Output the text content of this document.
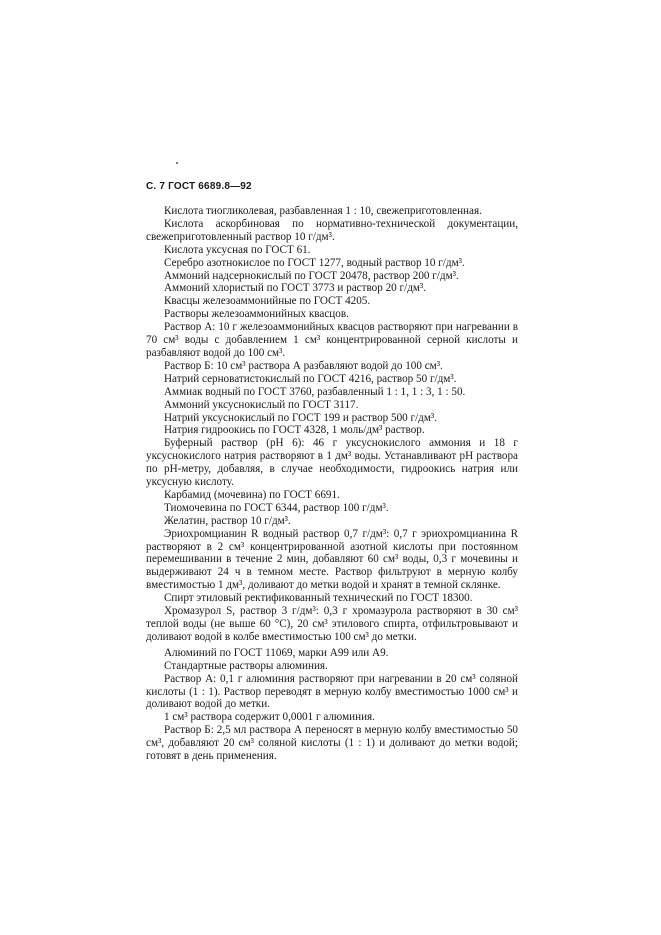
С. 7 ГОСТ 6689.8—92

Кислота тиогликолевая, разбавленная 1 : 10, свежеприготовленная.

Кислота аскорбиновая по нормативно-технической документации, свежеприготовленный раствор 10 г/дм³.

Кислота уксусная по ГОСТ 61.

Серебро азотнокислое по ГОСТ 1277, водный раствор 10 г/дм³.

Аммоний надсернокислый по ГОСТ 20478, раствор 200 г/дм³.

Аммоний хлористый по ГОСТ 3773 и раствор 20 г/дм³.

Квасцы железоаммонийные по ГОСТ 4205.

Растворы железоаммонийных квасцов.

Раствор А: 10 г железоаммонийных квасцов растворяют при нагревании в 70 см³ воды с добавлением 1 см³ концентрированной серной кислоты и разбавляют водой до 100 см³.

Раствор Б: 10 см³ раствора А разбавляют водой до 100 см³.

Натрий серноватистокислый по ГОСТ 4216, раствор 50 г/дм³.

Аммиак водный по ГОСТ 3760, разбавленный 1 : 1, 1 : 3, 1 : 50.

Аммоний уксуснокислый по ГОСТ 3117.

Натрий уксуснокислый по ГОСТ 199 и раствор 500 г/дм³.

Натрия гидроокись по ГОСТ 4328, 1 моль/дм³ раствор.

Буферный раствор (pH 6): 46 г уксуснокислого аммония и 18 г уксуснокислого натрия растворяют в 1 дм³ воды. Устанавливают pH раствора по pH-метру, добавляя, в случае необходимости, гидроокись натрия или уксусную кислоту.

Карбамид (мочевина) по ГОСТ 6691.

Тиомочевина по ГОСТ 6344, раствор 100 г/дм³.

Желатин, раствор 10 г/дм³.

Эриохромцианин R водный раствор 0,7 г/дм³: 0,7 г эриохромцианина R растворяют в 2 см³ концентрированной азотной кислоты при постоянном перемешивании в течение 2 мин, добавляют 60 см³ воды, 0,3 г мочевины и выдерживают 24 ч в темном месте. Раствор фильтруют в мерную колбу вместимостью 1 дм³, доливают до метки водой и хранят в темной склянке.

Спирт этиловый ректификованный технический по ГОСТ 18300.

Хромазурол S, раствор 3 г/дм³: 0,3 г хромазурола растворяют в 30 см³ теплой воды (не выше 60 °С), 20 см³ этилового спирта, отфильтровывают и доливают водой в колбе вместимостью 100 см³ до метки.

Алюминий по ГОСТ 11069, марки А99 или А9.

Стандартные растворы алюминия.

Раствор А: 0,1 г алюминия растворяют при нагревании в 20 см³ соляной кислоты (1 : 1). Раствор переводят в мерную колбу вместимостью 1000 см³ и доливают водой до метки.

1 см³ раствора содержит 0,0001 г алюминия.

Раствор Б: 2,5 мл раствора А переносят в мерную колбу вместимостью 50 см³, добавляют 20 см³ соляной кислоты (1 : 1) и доливают до метки водой; готовят в день применения.
